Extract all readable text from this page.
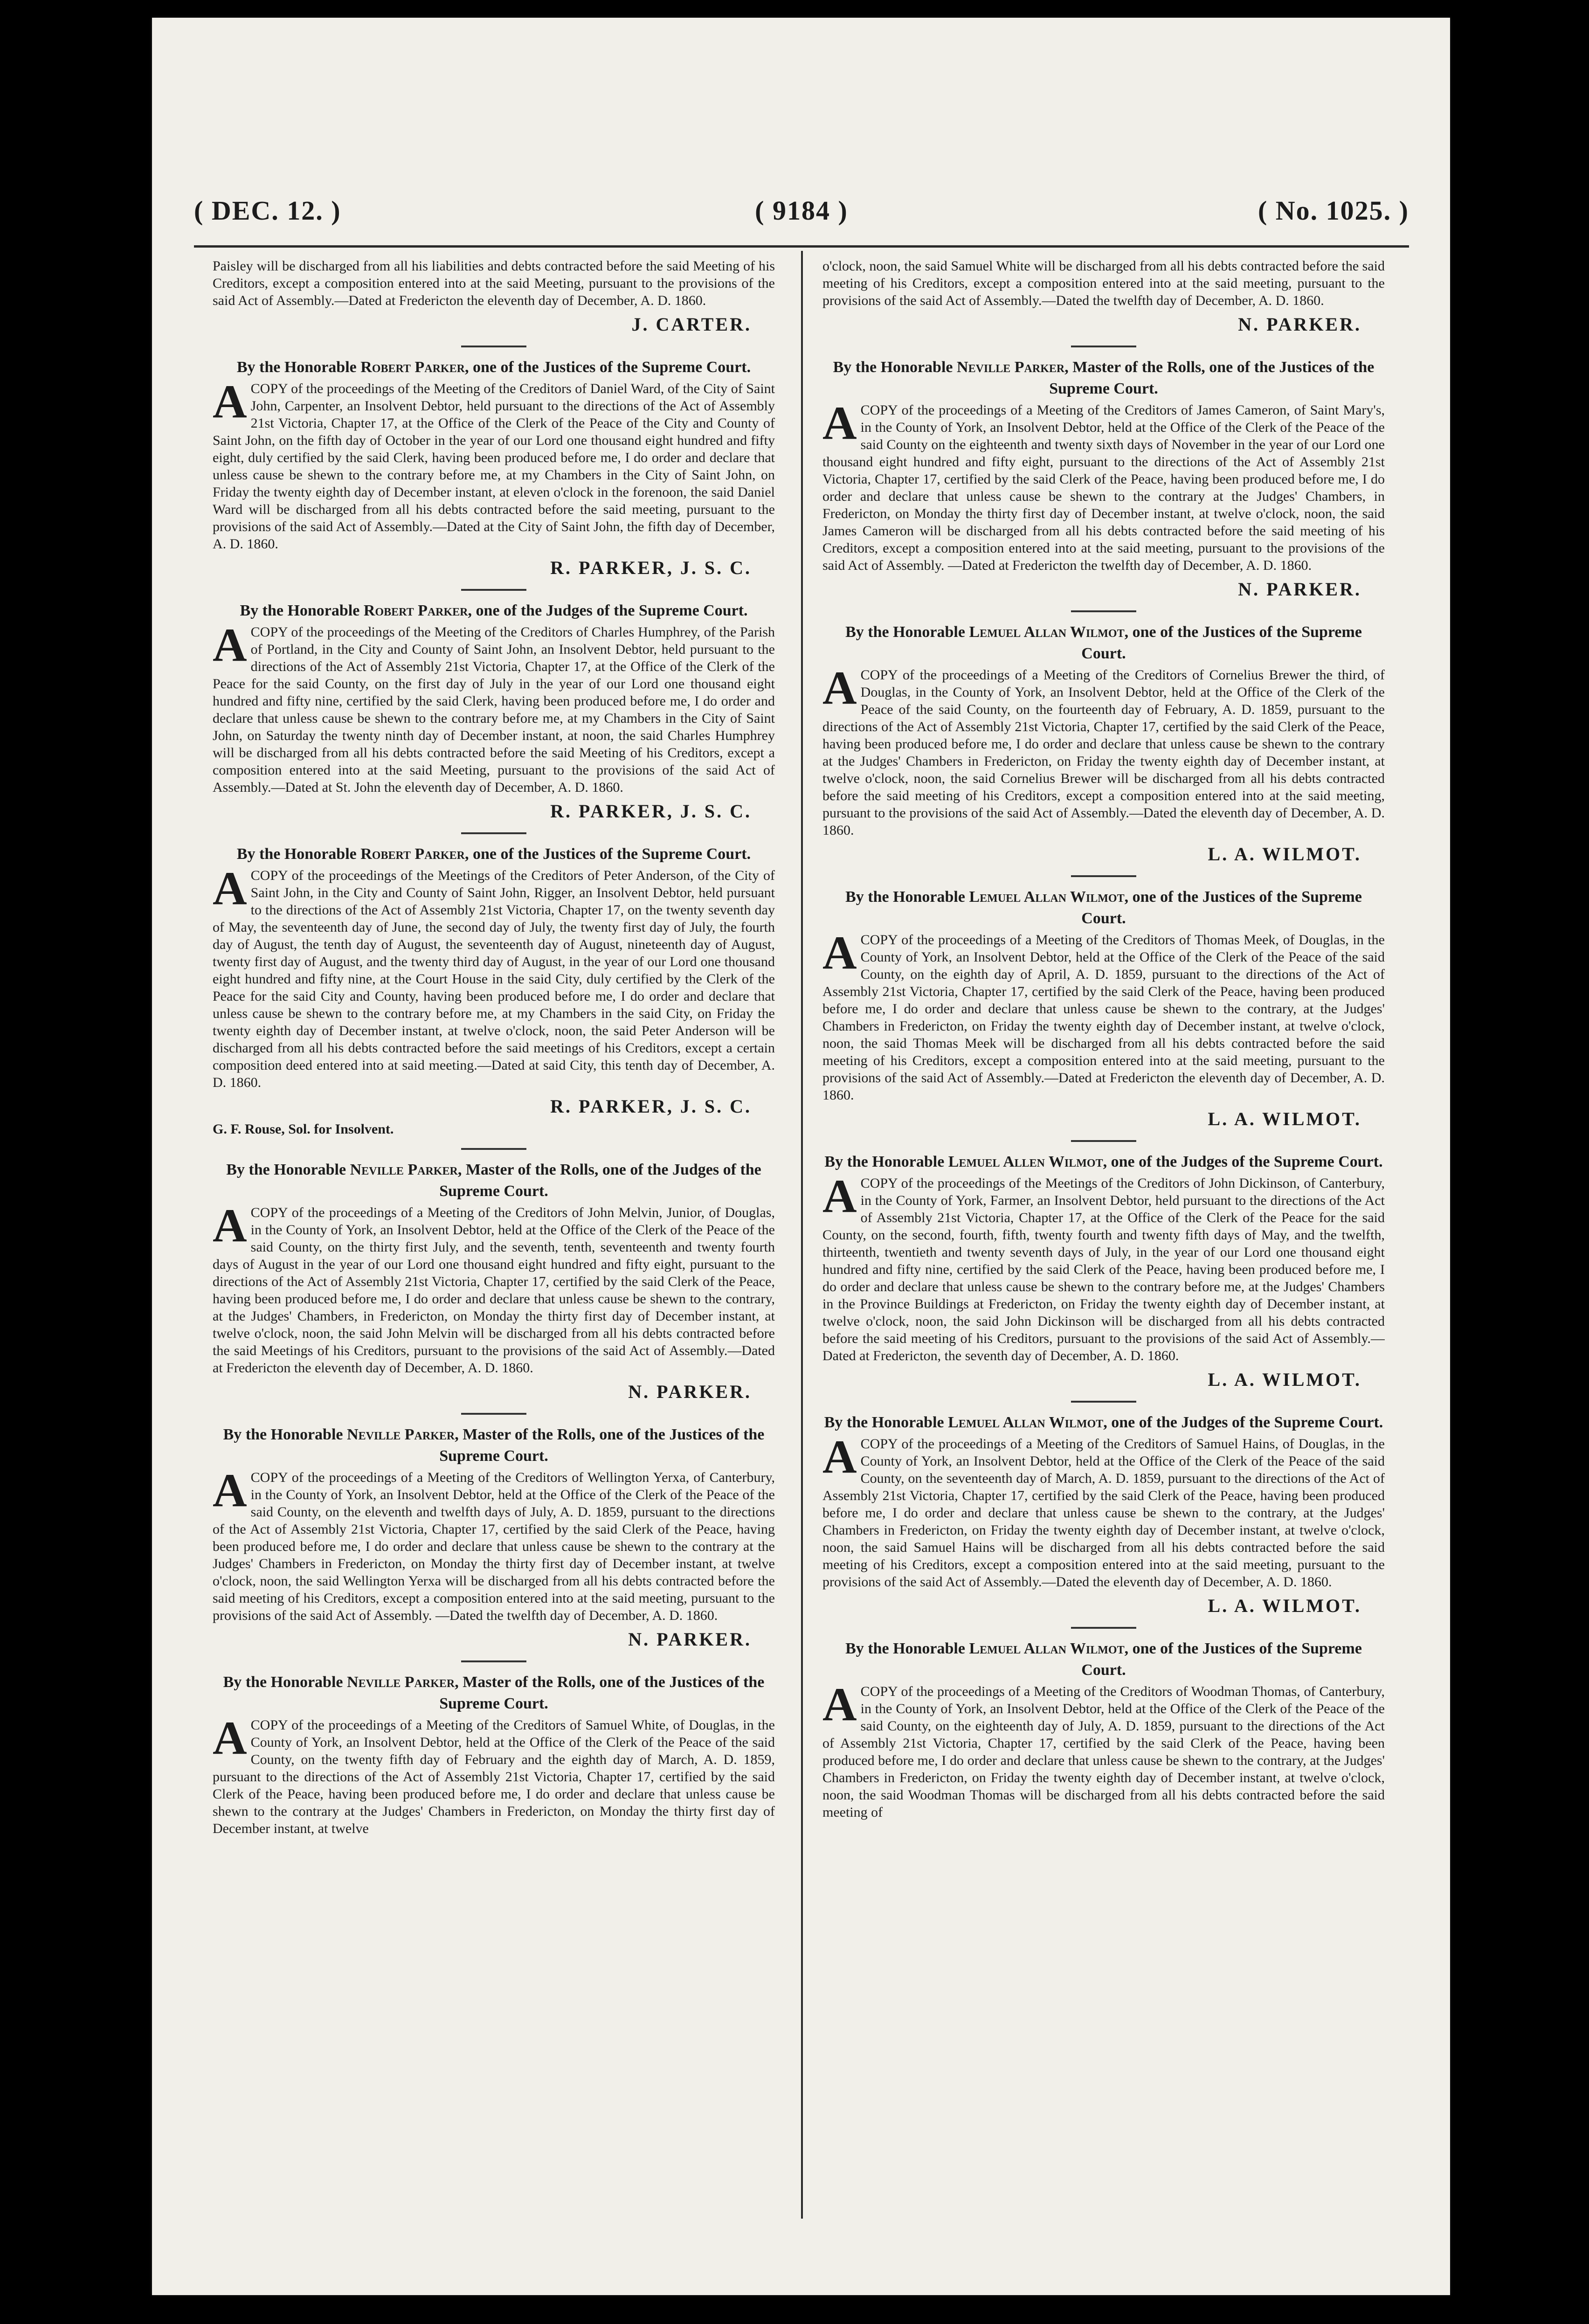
( DEC. 12. )	( 9184 )	( No. 1025. )

Paisley will be discharged from all his liabilities and debts contracted before the said Meeting of his Creditors, except a composition entered into at the said Meeting, pursuant to the provisions of the said Act of Assembly.—Dated at Fredericton the eleventh day of December, A. D. 1860.

J. CARTER.
By the Honorable Robert Parker, one of the Justices of the Supreme Court.

A COPY of the proceedings of the Meeting of the Creditors of Daniel Ward, of the City of Saint John, Carpenter, an Insolvent Debtor, held pursuant to the directions of the Act of Assembly 21st Victoria, Chapter 17, at the Office of the Clerk of the Peace of the City and County of Saint John, on the fifth day of October in the year of our Lord one thousand eight hundred and fifty eight, duly certified by the said Clerk, having been produced before me, I do order and declare that unless cause be shewn to the contrary before me, at my Chambers in the City of Saint John, on Friday the twenty eighth day of December instant, at eleven o'clock in the forenoon, the said Daniel Ward will be discharged from all his debts contracted before the said meeting, pursuant to the provisions of the said Act of Assembly.—Dated at the City of Saint John, the fifth day of December, A. D. 1860.

R. PARKER, J. S. C.
By the Honorable Robert Parker, one of the Judges of the Supreme Court.

A COPY of the proceedings of the Meeting of the Creditors of Charles Humphrey, of the Parish of Portland, in the City and County of Saint John, an Insolvent Debtor, held pursuant to the directions of the Act of Assembly 21st Victoria, Chapter 17, at the Office of the Clerk of the Peace for the said County, on the first day of July in the year of our Lord one thousand eight hundred and fifty nine, certified by the said Clerk, having been produced before me, I do order and declare that unless cause be shewn to the contrary before me, at my Chambers in the City of Saint John, on Saturday the twenty ninth day of December instant, at noon, the said Charles Humphrey will be discharged from all his debts contracted before the said Meeting of his Creditors, except a composition entered into at the said Meeting, pursuant to the provisions of the said Act of Assembly.—Dated at St. John the eleventh day of December, A. D. 1860.

R. PARKER, J. S. C.
By the Honorable Robert Parker, one of the Justices of the Supreme Court.

A COPY of the proceedings of the Meetings of the Creditors of Peter Anderson, of the City of Saint John, in the City and County of Saint John, Rigger, an Insolvent Debtor, held pursuant to the directions of the Act of Assembly 21st Victoria, Chapter 17, on the twenty seventh day of May, the seventeenth day of June, the second day of July, the twenty first day of July, the fourth day of August, the tenth day of August, the seventeenth day of August, nineteenth day of August, twenty first day of August, and the twenty third day of August, in the year of our Lord one thousand eight hundred and fifty nine, at the Court House in the said City, duly certified by the Clerk of the Peace for the said City and County, having been produced before me, I do order and declare that unless cause be shewn to the contrary before me, at my Chambers in the said City, on Friday the twenty eighth day of December instant, at twelve o'clock, noon, the said Peter Anderson will be discharged from all his debts contracted before the said meetings of his Creditors, except a certain composition deed entered into at said meeting.—Dated at said City, this tenth day of December, A. D. 1860.

R. PARKER, J. S. C.
G. F. Rouse, Sol. for Insolvent.
By the Honorable Neville Parker, Master of the Rolls, one of the Judges of the Supreme Court.

A COPY of the proceedings of a Meeting of the Creditors of John Melvin, Junior, of Douglas, in the County of York, an Insolvent Debtor, held at the Office of the Clerk of the Peace of the said County, on the thirty first July, and the seventh, tenth, seventeenth and twenty fourth days of August in the year of our Lord one thousand eight hundred and fifty eight, pursuant to the directions of the Act of Assembly 21st Victoria, Chapter 17, certified by the said Clerk of the Peace, having been produced before me, I do order and declare that unless cause be shewn to the contrary, at the Judges' Chambers, in Fredericton, on Monday the thirty first day of December instant, at twelve o'clock, noon, the said John Melvin will be discharged from all his debts contracted before the said Meetings of his Creditors, pursuant to the provisions of the said Act of Assembly.—Dated at Fredericton the eleventh day of December, A. D. 1860.

N. PARKER.
By the Honorable Neville Parker, Master of the Rolls, one of the Justices of the Supreme Court.

A COPY of the proceedings of a Meeting of the Creditors of Wellington Yerxa, of Canterbury, in the County of York, an Insolvent Debtor, held at the Office of the Clerk of the Peace of the said County, on the eleventh and twelfth days of July, A. D. 1859, pursuant to the directions of the Act of Assembly 21st Victoria, Chapter 17, certified by the said Clerk of the Peace, having been produced before me, I do order and declare that unless cause be shewn to the contrary at the Judges' Chambers in Fredericton, on Monday the thirty first day of December instant, at twelve o'clock, noon, the said Wellington Yerxa will be discharged from all his debts contracted before the said meeting of his Creditors, except a composition entered into at the said meeting, pursuant to the provisions of the said Act of Assembly. —Dated the twelfth day of December, A. D. 1860.

N. PARKER.
By the Honorable Neville Parker, Master of the Rolls, one of the Justices of the Supreme Court.

A COPY of the proceedings of a Meeting of the Creditors of Samuel White, of Douglas, in the County of York, an Insolvent Debtor, held at the Office of the Clerk of the Peace of the said County, on the twenty fifth day of February and the eighth day of March, A. D. 1859, pursuant to the directions of the Act of Assembly 21st Victoria, Chapter 17, certified by the said Clerk of the Peace, having been produced before me, I do order and declare that unless cause be shewn to the contrary at the Judges' Chambers in Fredericton, on Monday the thirty first day of December instant, at twelve

o'clock, noon, the said Samuel White will be discharged from all his debts contracted before the said meeting of his Creditors, except a composition entered into at the said meeting, pursuant to the provisions of the said Act of Assembly.—Dated the twelfth day of December, A. D. 1860.

N. PARKER.
By the Honorable Neville Parker, Master of the Rolls, one of the Justices of the Supreme Court.

A COPY of the proceedings of a Meeting of the Creditors of James Cameron, of Saint Mary's, in the County of York, an Insolvent Debtor, held at the Office of the Clerk of the Peace of the said County on the eighteenth and twenty sixth days of November in the year of our Lord one thousand eight hundred and fifty eight, pursuant to the directions of the Act of Assembly 21st Victoria, Chapter 17, certified by the said Clerk of the Peace, having been produced before me, I do order and declare that unless cause be shewn to the contrary at the Judges' Chambers, in Fredericton, on Monday the thirty first day of December instant, at twelve o'clock, noon, the said James Cameron will be discharged from all his debts contracted before the said meeting of his Creditors, except a composition entered into at the said meeting, pursuant to the provisions of the said Act of Assembly. —Dated at Fredericton the twelfth day of December, A. D. 1860.

N. PARKER.
By the Honorable Lemuel Allan Wilmot, one of the Justices of the Supreme Court.

A COPY of the proceedings of a Meeting of the Creditors of Cornelius Brewer the third, of Douglas, in the County of York, an Insolvent Debtor, held at the Office of the Clerk of the Peace of the said County, on the fourteenth day of February, A. D. 1859, pursuant to the directions of the Act of Assembly 21st Victoria, Chapter 17, certified by the said Clerk of the Peace, having been produced before me, I do order and declare that unless cause be shewn to the contrary at the Judges' Chambers in Fredericton, on Friday the twenty eighth day of December instant, at twelve o'clock, noon, the said Cornelius Brewer will be discharged from all his debts contracted before the said meeting of his Creditors, except a composition entered into at the said meeting, pursuant to the provisions of the said Act of Assembly.—Dated the eleventh day of December, A. D. 1860.

L. A. WILMOT.
By the Honorable Lemuel Allan Wilmot, one of the Justices of the Supreme Court.

A COPY of the proceedings of a Meeting of the Creditors of Thomas Meek, of Douglas, in the County of York, an Insolvent Debtor, held at the Office of the Clerk of the Peace of the said County, on the eighth day of April, A. D. 1859, pursuant to the directions of the Act of Assembly 21st Victoria, Chapter 17, certified by the said Clerk of the Peace, having been produced before me, I do order and declare that unless cause be shewn to the contrary, at the Judges' Chambers in Fredericton, on Friday the twenty eighth day of December instant, at twelve o'clock, noon, the said Thomas Meek will be discharged from all his debts contracted before the said meeting of his Creditors, except a composition entered into at the said meeting, pursuant to the provisions of the said Act of Assembly.—Dated at Fredericton the eleventh day of December, A. D. 1860.

L. A. WILMOT.
By the Honorable Lemuel Allen Wilmot, one of the Judges of the Supreme Court.

A COPY of the proceedings of the Meetings of the Creditors of John Dickinson, of Canterbury, in the County of York, Farmer, an Insolvent Debtor, held pursuant to the directions of the Act of Assembly 21st Victoria, Chapter 17, at the Office of the Clerk of the Peace for the said County, on the second, fourth, fifth, twenty fourth and twenty fifth days of May, and the twelfth, thirteenth, twentieth and twenty seventh days of July, in the year of our Lord one thousand eight hundred and fifty nine, certified by the said Clerk of the Peace, having been produced before me, I do order and declare that unless cause be shewn to the contrary before me, at the Judges' Chambers in the Province Buildings at Fredericton, on Friday the twenty eighth day of December instant, at twelve o'clock, noon, the said John Dickinson will be discharged from all his debts contracted before the said meeting of his Creditors, pursuant to the provisions of the said Act of Assembly.—Dated at Fredericton, the seventh day of December, A. D. 1860.

L. A. WILMOT.
By the Honorable Lemuel Allan Wilmot, one of the Judges of the Supreme Court.

A COPY of the proceedings of a Meeting of the Creditors of Samuel Hains, of Douglas, in the County of York, an Insolvent Debtor, held at the Office of the Clerk of the Peace of the said County, on the seventeenth day of March, A. D. 1859, pursuant to the directions of the Act of Assembly 21st Victoria, Chapter 17, certified by the said Clerk of the Peace, having been produced before me, I do order and declare that unless cause be shewn to the contrary, at the Judges' Chambers in Fredericton, on Friday the twenty eighth day of December instant, at twelve o'clock, noon, the said Samuel Hains will be discharged from all his debts contracted before the said meeting of his Creditors, except a composition entered into at the said meeting, pursuant to the provisions of the said Act of Assembly.—Dated the eleventh day of December, A. D. 1860.

L. A. WILMOT.
By the Honorable Lemuel Allan Wilmot, one of the Justices of the Supreme Court.

A COPY of the proceedings of a Meeting of the Creditors of Woodman Thomas, of Canterbury, in the County of York, an Insolvent Debtor, held at the Office of the Clerk of the Peace of the said County, on the eighteenth day of July, A. D. 1859, pursuant to the directions of the Act of Assembly 21st Victoria, Chapter 17, certified by the said Clerk of the Peace, having been produced before me, I do order and declare that unless cause be shewn to the contrary, at the Judges' Chambers in Fredericton, on Friday the twenty eighth day of December instant, at twelve o'clock, noon, the said Woodman Thomas will be discharged from all his debts contracted before the said meeting of
